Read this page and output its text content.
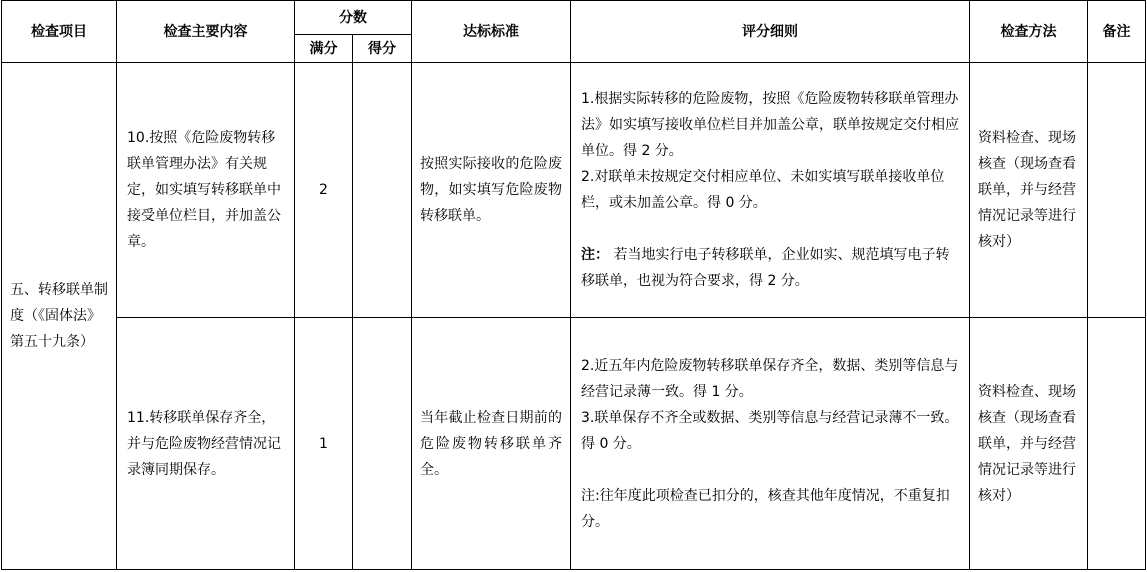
检查项目	检查主要内容	分数		达标标准	评分细则	检查方法	备注
		满分	得分				
五、转移联单制度（《固体法》第五十九条）	10.按照《危险废物转移联单管理办法》有关规定，如实填写转移联单中接受单位栏目，并加盖公章。	2		按照实际接收的危险废物，如实填写危险废物转移联单。	1.根据实际转移的危险废物，按照《危险废物转移联单管理办法》如实填写接收单位栏目并加盖公章，联单按规定交付相应单位。得 2 分。

2.对联单未按规定交付相应单位、未如实填写联单接收单位栏，或未加盖公章。得 0 分。

注： 若当地实行电子转移联单，企业如实、规范填写电子转移联单，也视为符合要求，得 2 分。	资料检查、现场核查（现场查看联单，并与经营情况记录等进行核对）	
	11.转移联单保存齐全，并与危险废物经营情况记录簿同期保存。	1		当年截止检查日期前的危险废物转移联单齐全。	2.近五年内危险废物转移联单保存齐全，数据、类别等信息与经营记录薄一致。得 1 分。

3.联单保存不齐全或数据、类别等信息与经营记录薄不一致。得 0 分。

注:往年度此项检查已扣分的，核查其他年度情况，不重复扣分。	资料检查、现场核查（现场查看联单，并与经营情况记录等进行核对）	
